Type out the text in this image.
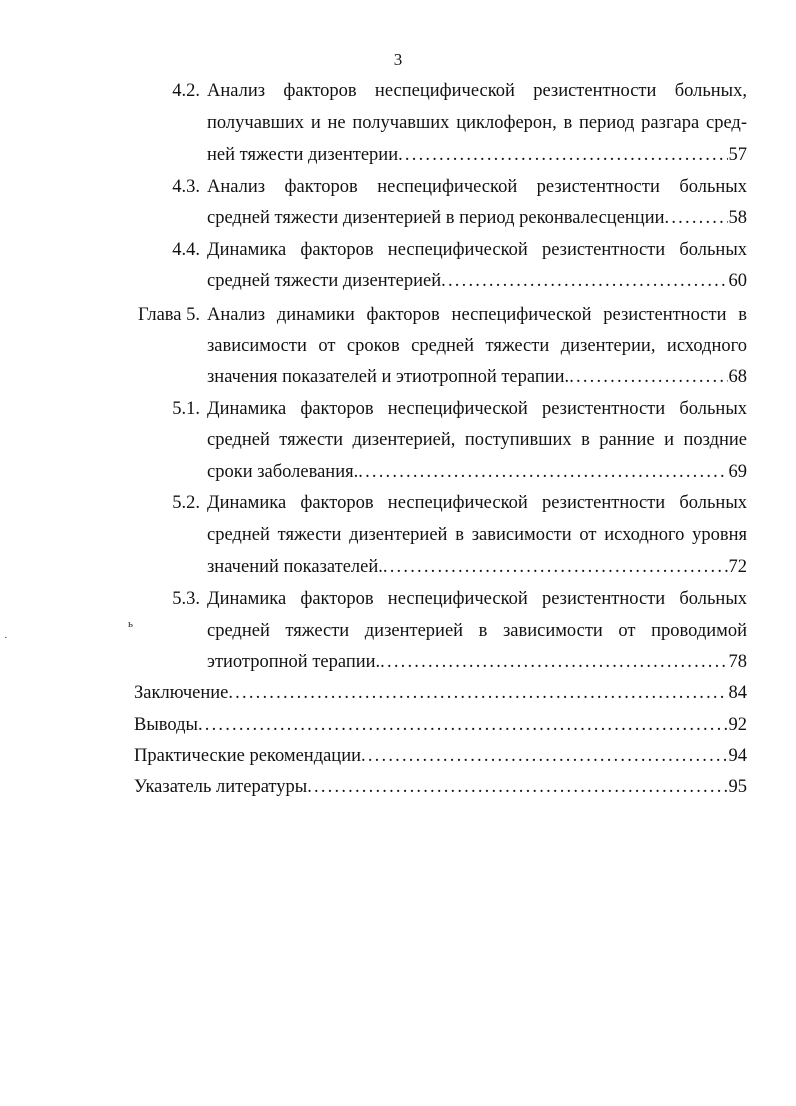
3
4.2. Анализ факторов неспецифической резистентности больных,
получавших и не получавших циклоферон, в период разгара сред-
ней тяжести дизентерии .....	57
4.3. Анализ факторов неспецифической резистентности больных
средней тяжести дизентерией в период реконвалесценции .....	58
4.4. Динамика факторов неспецифической резистентности больных
средней тяжести дизентерией .....	60
Глава 5. Анализ динамики факторов неспецифической резистентности в
зависимости от сроков средней тяжести дизентерии, исходного
значения показателей и этиотропной терапии. .....	68
5.1. Динамика факторов неспецифической резистентности больных
средней тяжести дизентерией, поступивших в ранние и поздние
сроки заболевания. .....	69
5.2. Динамика факторов неспецифической резистентности больных
средней тяжести дизентерией в зависимости от исходного уровня
значений показателей. .....	72
5.3. Динамика факторов неспецифической резистентности больных
средней тяжести дизентерией в зависимости от проводимой
этиотропной терапии. .....	78
Заключение .....	84
Выводы .....	92
Практические рекомендации .....	94
Указатель литературы .....	95
ь
·
